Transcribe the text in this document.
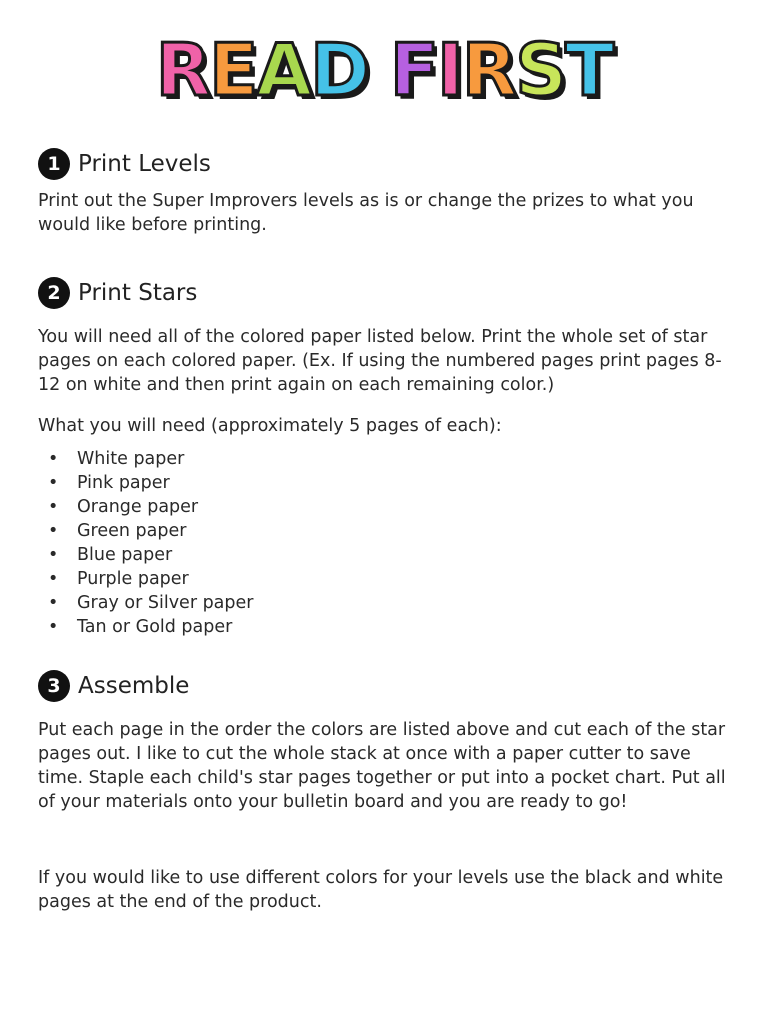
READ FIRST
1 Print Levels
Print out the Super Improvers levels as is or change the prizes to what you would like before printing.
2 Print Stars
You will need all of the colored paper listed below. Print the whole set of star pages on each colored paper. (Ex. If using the numbered pages print pages 8-12 on white and then print again on each remaining color.)
What you will need (approximately 5 pages of each):
• White paper
• Pink paper
• Orange paper
• Green paper
• Blue paper
• Purple paper
• Gray or Silver paper
• Tan or Gold paper
3 Assemble
Put each page in the order the colors are listed above and cut each of the star pages out. I like to cut the whole stack at once with a paper cutter to save time. Staple each child's star pages together or put into a pocket chart. Put all of your materials onto your bulletin board and you are ready to go!
If you would like to use different colors for your levels use the black and white pages at the end of the product.
